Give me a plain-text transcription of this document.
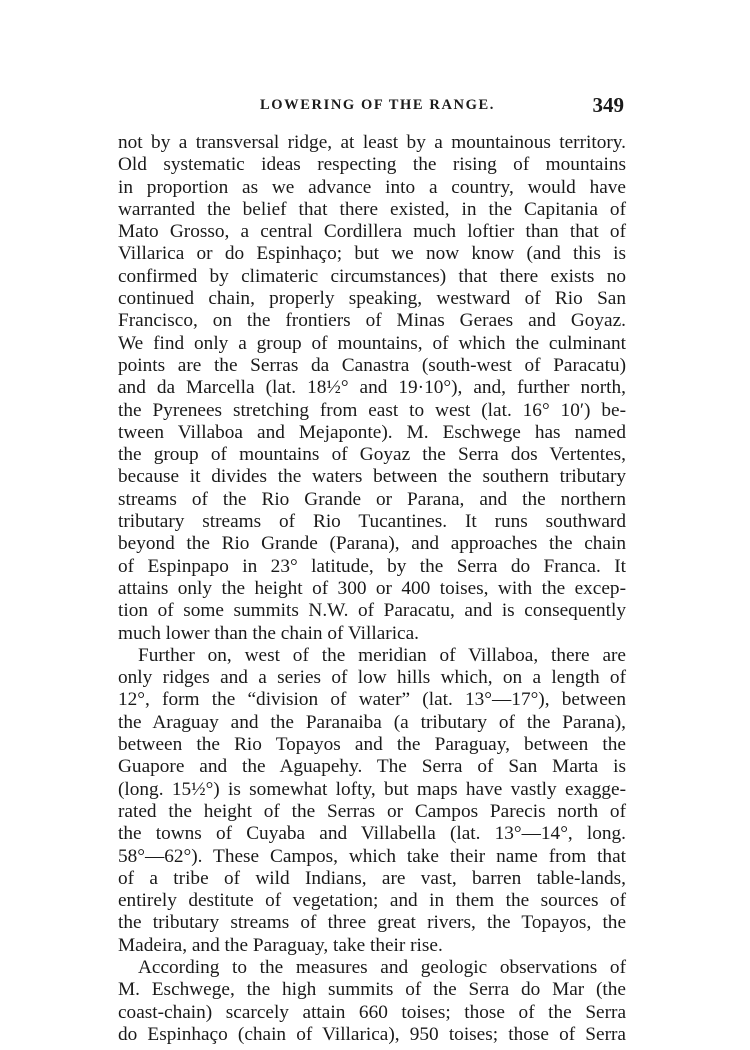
LOWERING OF THE RANGE.	349
not by a transversal ridge, at least by a mountainous territory.
Old systematic ideas respecting the rising of mountains
in proportion as we advance into a country, would have
warranted the belief that there existed, in the Capitania of
Mato Grosso, a central Cordillera much loftier than that of
Villarica or do Espinhaço; but we now know (and this is
confirmed by climateric circumstances) that there exists no
continued chain, properly speaking, westward of Rio San
Francisco, on the frontiers of Minas Geraes and Goyaz.
We find only a group of mountains, of which the culminant
points are the Serras da Canastra (south-west of Paracatu)
and da Marcella (lat. 18½° and 19·10°), and, further north,
the Pyrenees stretching from east to west (lat. 16° 10′) be-
tween Villaboa and Mejaponte). M. Eschwege has named
the group of mountains of Goyaz the Serra dos Vertentes,
because it divides the waters between the southern tributary
streams of the Rio Grande or Parana, and the northern
tributary streams of Rio Tucantines. It runs southward
beyond the Rio Grande (Parana), and approaches the chain
of Espinpapo in 23° latitude, by the Serra do Franca. It
attains only the height of 300 or 400 toises, with the excep-
tion of some summits N.W. of Paracatu, and is consequently
much lower than the chain of Villarica.
Further on, west of the meridian of Villaboa, there are
only ridges and a series of low hills which, on a length of
12°, form the “division of water” (lat. 13°—17°), between
the Araguay and the Paranaiba (a tributary of the Parana),
between the Rio Topayos and the Paraguay, between the
Guapore and the Aguapehy. The Serra of San Marta is
(long. 15½°) is somewhat lofty, but maps have vastly exagge-
rated the height of the Serras or Campos Parecis north of
the towns of Cuyaba and Villabella (lat. 13°—14°, long.
58°—62°). These Campos, which take their name from that
of a tribe of wild Indians, are vast, barren table-lands,
entirely destitute of vegetation; and in them the sources of
the tributary streams of three great rivers, the Topayos, the
Madeira, and the Paraguay, take their rise.
According to the measures and geologic observations of
M. Eschwege, the high summits of the Serra do Mar (the
coast-chain) scarcely attain 660 toises; those of the Serra
do Espinhaço (chain of Villarica), 950 toises; those of Serra
